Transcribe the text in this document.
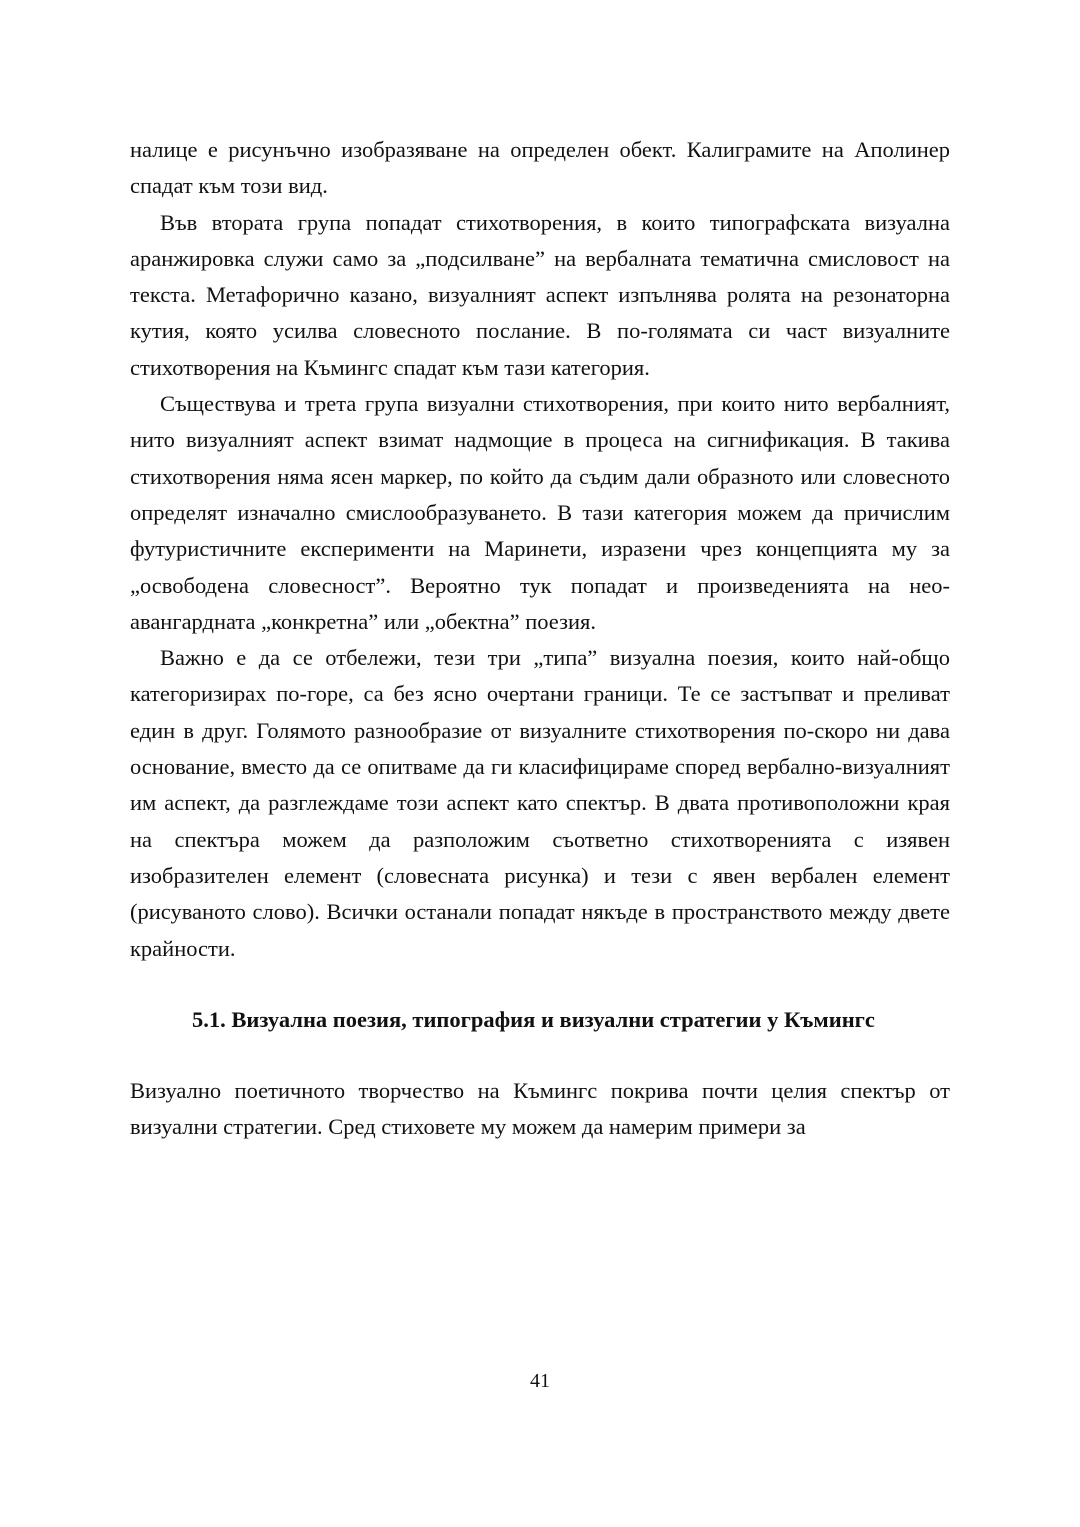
налице е рисунъчно изобразяване на определен обект. Калиграмите на Аполинер спадат към този вид.

Във втората група попадат стихотворения, в които типографската визуална аранжировка служи само за „подсилване” на вербалната тематична смисловост на текста. Метафорично казано, визуалният аспект изпълнява ролята на резонаторна кутия, която усилва словесното послание. В по-голямата си част визуалните стихотворения на Къмингс спадат към тази категория.

Съществува и трета група визуални стихотворения, при които нито вербалният, нито визуалният аспект взимат надмощие в процеса на сигнификация. В такива стихотворения няма ясен маркер, по който да съдим дали образното или словесното определят изначално смислообразуването. В тази категория можем да причислим футуристичните експерименти на Маринети, изразени чрез концепцията му за „освободена словесност”. Вероятно тук попадат и произведенията на нео-авангардната „конкретна” или „обектна” поезия.

Важно е да се отбележи, тези три „типа” визуална поезия, които най-общо категоризирах по-горе, са без ясно очертани граници. Те се застъпват и преливат един в друг. Голямото разнообразие от визуалните стихотворения по-скоро ни дава основание, вместо да се опитваме да ги класифицираме според вербално-визуалният им аспект, да разглеждаме този аспект като спектър. В двата противоположни края на спектъра можем да разположим съответно стихотворенията с изявен изобразителен елемент (словесната рисунка) и тези с явен вербален елемент (рисуваното слово). Всички останали попадат някъде в пространството между двете крайности.

5.1. Визуална поезия, типография и визуални стратегии у Къмингс

Визуално поетичното творчество на Къмингс покрива почти целия спектър от визуални стратегии. Сред стиховете му можем да намерим примери за

41
